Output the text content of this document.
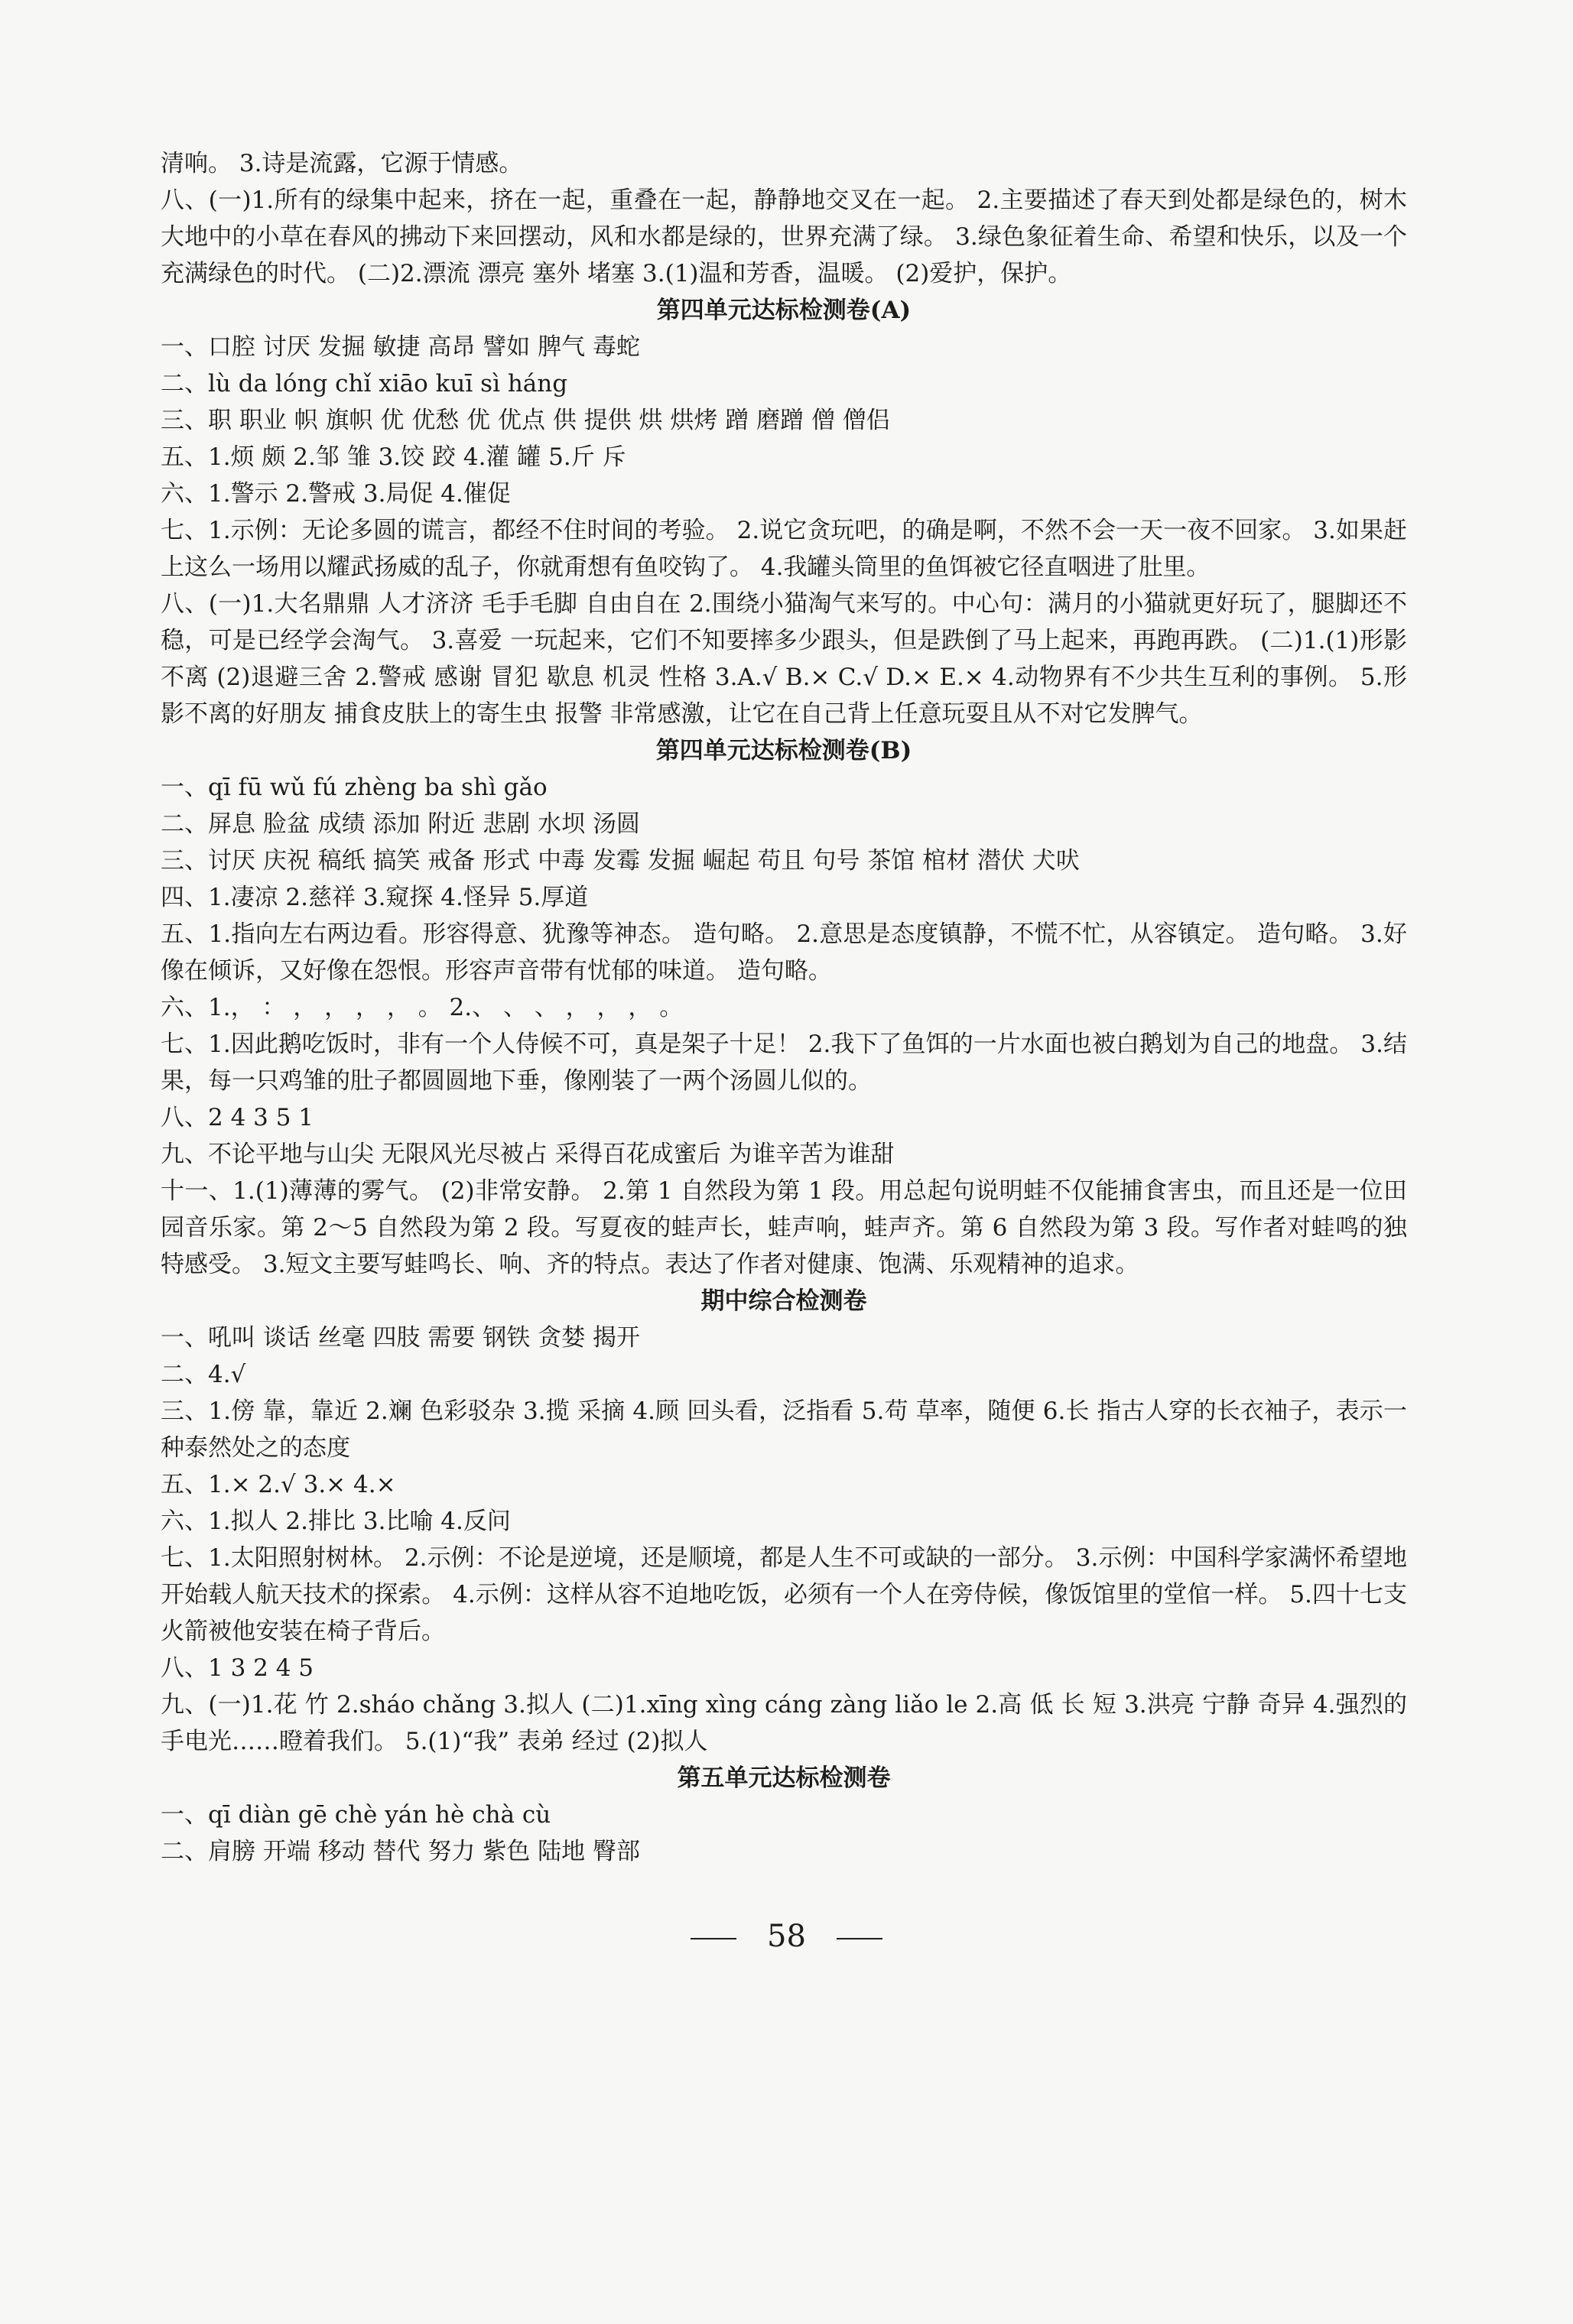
清响。 3.诗是流露，它源于情感。

八、(一)1.所有的绿集中起来，挤在一起，重叠在一起，静静地交叉在一起。 2.主要描述了春天到处都是绿色的，树木大地中的小草在春风的拂动下来回摆动，风和水都是绿的，世界充满了绿。 3.绿色象征着生命、希望和快乐，以及一个充满绿色的时代。 (二)2.漂流 漂亮 塞外 堵塞 3.(1)温和芳香，温暖。 (2)爱护，保护。

第四单元达标检测卷(A)

一、口腔 讨厌 发掘 敏捷 高昂 譬如 脾气 毒蛇

二、lù da lóng chǐ xiāo kuī sì háng

三、职 职业 帜 旗帜 优 优愁 优 优点 供 提供 烘 烘烤 蹭 磨蹭 僧 僧侣

五、1.烦 颇 2.邹 雏 3.饺 跤 4.灌 罐 5.斤 斥

六、1.警示 2.警戒 3.局促 4.催促

七、1.示例：无论多圆的谎言，都经不住时间的考验。 2.说它贪玩吧，的确是啊，不然不会一天一夜不回家。 3.如果赶上这么一场用以耀武扬威的乱子，你就甭想有鱼咬钩了。 4.我罐头筒里的鱼饵被它径直咽进了肚里。

八、(一)1.大名鼎鼎 人才济济 毛手毛脚 自由自在 2.围绕小猫淘气来写的。中心句：满月的小猫就更好玩了，腿脚还不稳，可是已经学会淘气。 3.喜爱 一玩起来，它们不知要摔多少跟头，但是跌倒了马上起来，再跑再跌。 (二)1.(1)形影不离 (2)退避三舍 2.警戒 感谢 冒犯 歇息 机灵 性格 3.A.√ B.× C.√ D.× E.× 4.动物界有不少共生互利的事例。 5.形影不离的好朋友 捕食皮肤上的寄生虫 报警 非常感激，让它在自己背上任意玩耍且从不对它发脾气。

第四单元达标检测卷(B)

一、qī fū wǔ fú zhèng ba shì gǎo

二、屏息 脸盆 成绩 添加 附近 悲剧 水坝 汤圆

三、讨厌 庆祝 稿纸 搞笑 戒备 形式 中毒 发霉 发掘 崛起 苟且 句号 茶馆 棺材 潜伏 犬吠

四、1.凄凉 2.慈祥 3.窥探 4.怪异 5.厚道

五、1.指向左右两边看。形容得意、犹豫等神态。 造句略。 2.意思是态度镇静，不慌不忙，从容镇定。 造句略。 3.好像在倾诉，又好像在怨恨。形容声音带有忧郁的味道。 造句略。

六、1.， ： ， ， ， ， 。 2.、 、 、 ， ， ， 。

七、1.因此鹅吃饭时，非有一个人侍候不可，真是架子十足！ 2.我下了鱼饵的一片水面也被白鹅划为自己的地盘。 3.结果，每一只鸡雏的肚子都圆圆地下垂，像刚装了一两个汤圆儿似的。

八、2 4 3 5 1

九、不论平地与山尖 无限风光尽被占 采得百花成蜜后 为谁辛苦为谁甜

十一、1.(1)薄薄的雾气。 (2)非常安静。 2.第 1 自然段为第 1 段。用总起句说明蛙不仅能捕食害虫，而且还是一位田园音乐家。第 2～5 自然段为第 2 段。写夏夜的蛙声长，蛙声响，蛙声齐。第 6 自然段为第 3 段。写作者对蛙鸣的独特感受。 3.短文主要写蛙鸣长、响、齐的特点。表达了作者对健康、饱满、乐观精神的追求。

期中综合检测卷

一、吼叫 谈话 丝毫 四肢 需要 钢铁 贪婪 揭开

二、4.√

三、1.傍 靠，靠近 2.斓 色彩驳杂 3.揽 采摘 4.顾 回头看，泛指看 5.苟 草率，随便 6.长 指古人穿的长衣袖子，表示一种泰然处之的态度

五、1.× 2.√ 3.× 4.×

六、1.拟人 2.排比 3.比喻 4.反问

七、1.太阳照射树林。 2.示例：不论是逆境，还是顺境，都是人生不可或缺的一部分。 3.示例：中国科学家满怀希望地开始载人航天技术的探索。 4.示例：这样从容不迫地吃饭，必须有一个人在旁侍候，像饭馆里的堂倌一样。 5.四十七支火箭被他安装在椅子背后。

八、1 3 2 4 5

九、(一)1.花 竹 2.sháo chǎng 3.拟人 (二)1.xīng xìng cáng zàng liǎo le 2.高 低 长 短 3.洪亮 宁静 奇异 4.强烈的手电光……瞪着我们。 5.(1)“我” 表弟 经过 (2)拟人

第五单元达标检测卷

一、qī diàn gē chè yán hè chà cù

二、肩膀 开端 移动 替代 努力 紫色 陆地 臀部

58
